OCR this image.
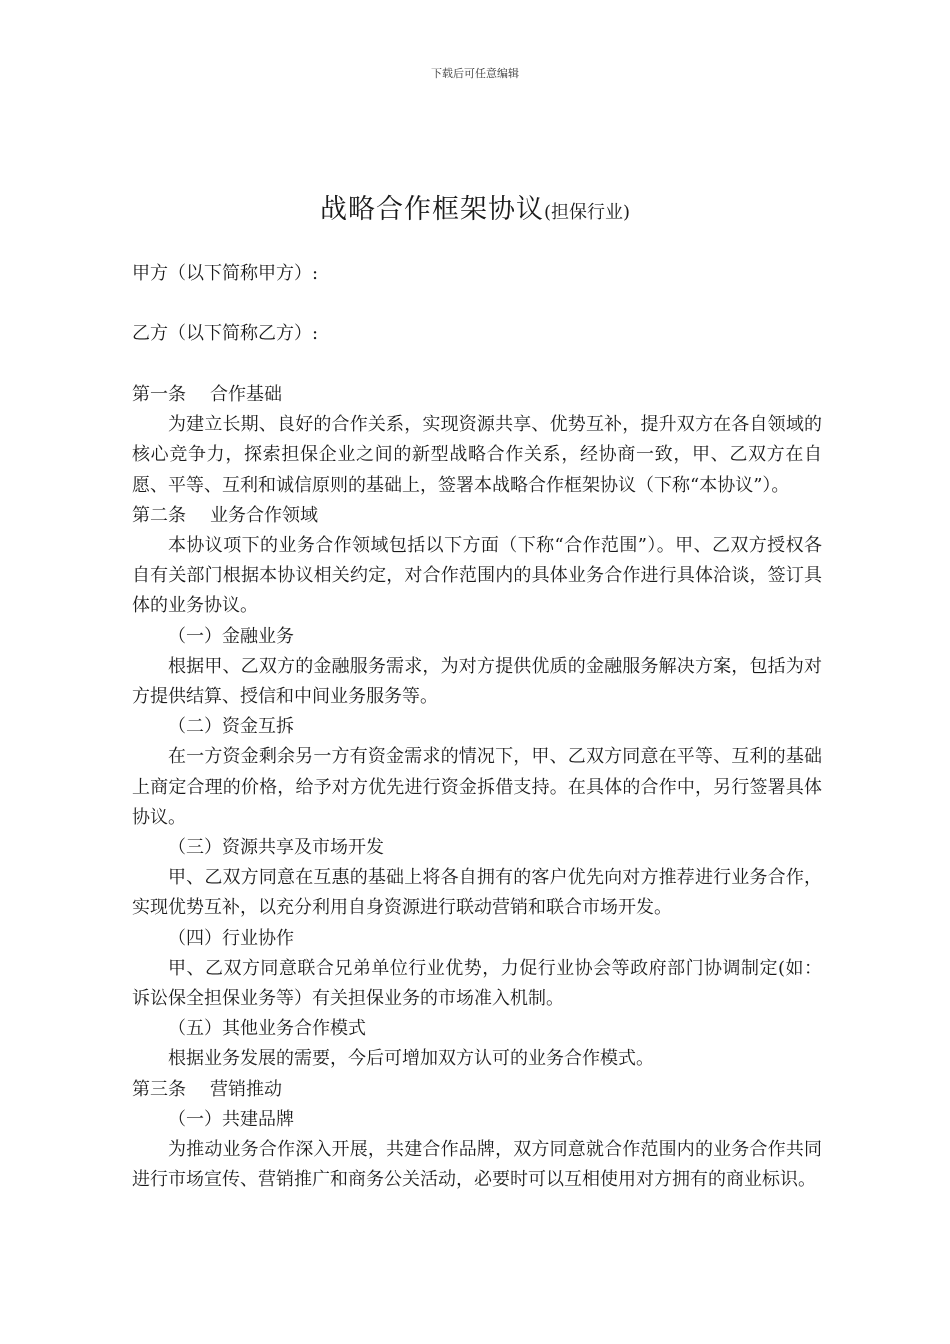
下载后可任意编辑
战略合作框架协议(担保行业)
甲方（以下简称甲方）:
乙方（以下简称乙方）:

第一条 合作基础

为建立长期、良好的合作关系，实现资源共享、优势互补，提升双方在各自领域的核心竞争力，探索担保企业之间的新型战略合作关系，经协商一致，甲、乙双方在自愿、平等、互利和诚信原则的基础上，签署本战略合作框架协议（下称“本协议”）。

第二条 业务合作领域

本协议项下的业务合作领域包括以下方面（下称“合作范围”）。甲、乙双方授权各自有关部门根据本协议相关约定，对合作范围内的具体业务合作进行具体洽谈，签订具体的业务协议。

（一）金融业务

根据甲、乙双方的金融服务需求，为对方提供优质的金融服务解决方案，包括为对方提供结算、授信和中间业务服务等。

（二）资金互拆

在一方资金剩余另一方有资金需求的情况下，甲、乙双方同意在平等、互利的基础上商定合理的价格，给予对方优先进行资金拆借支持。在具体的合作中，另行签署具体协议。

（三）资源共享及市场开发

甲、乙双方同意在互惠的基础上将各自拥有的客户优先向对方推荐进行业务合作，实现优势互补，以充分利用自身资源进行联动营销和联合市场开发。

（四）行业协作

甲、乙双方同意联合兄弟单位行业优势，力促行业协会等政府部门协调制定(如：诉讼保全担保业务等）有关担保业务的市场准入机制。

（五）其他业务合作模式

根据业务发展的需要，今后可增加双方认可的业务合作模式。

第三条 营销推动

（一）共建品牌

为推动业务合作深入开展，共建合作品牌，双方同意就合作范围内的业务合作共同进行市场宣传、营销推广和商务公关活动，必要时可以互相使用对方拥有的商业标识。
